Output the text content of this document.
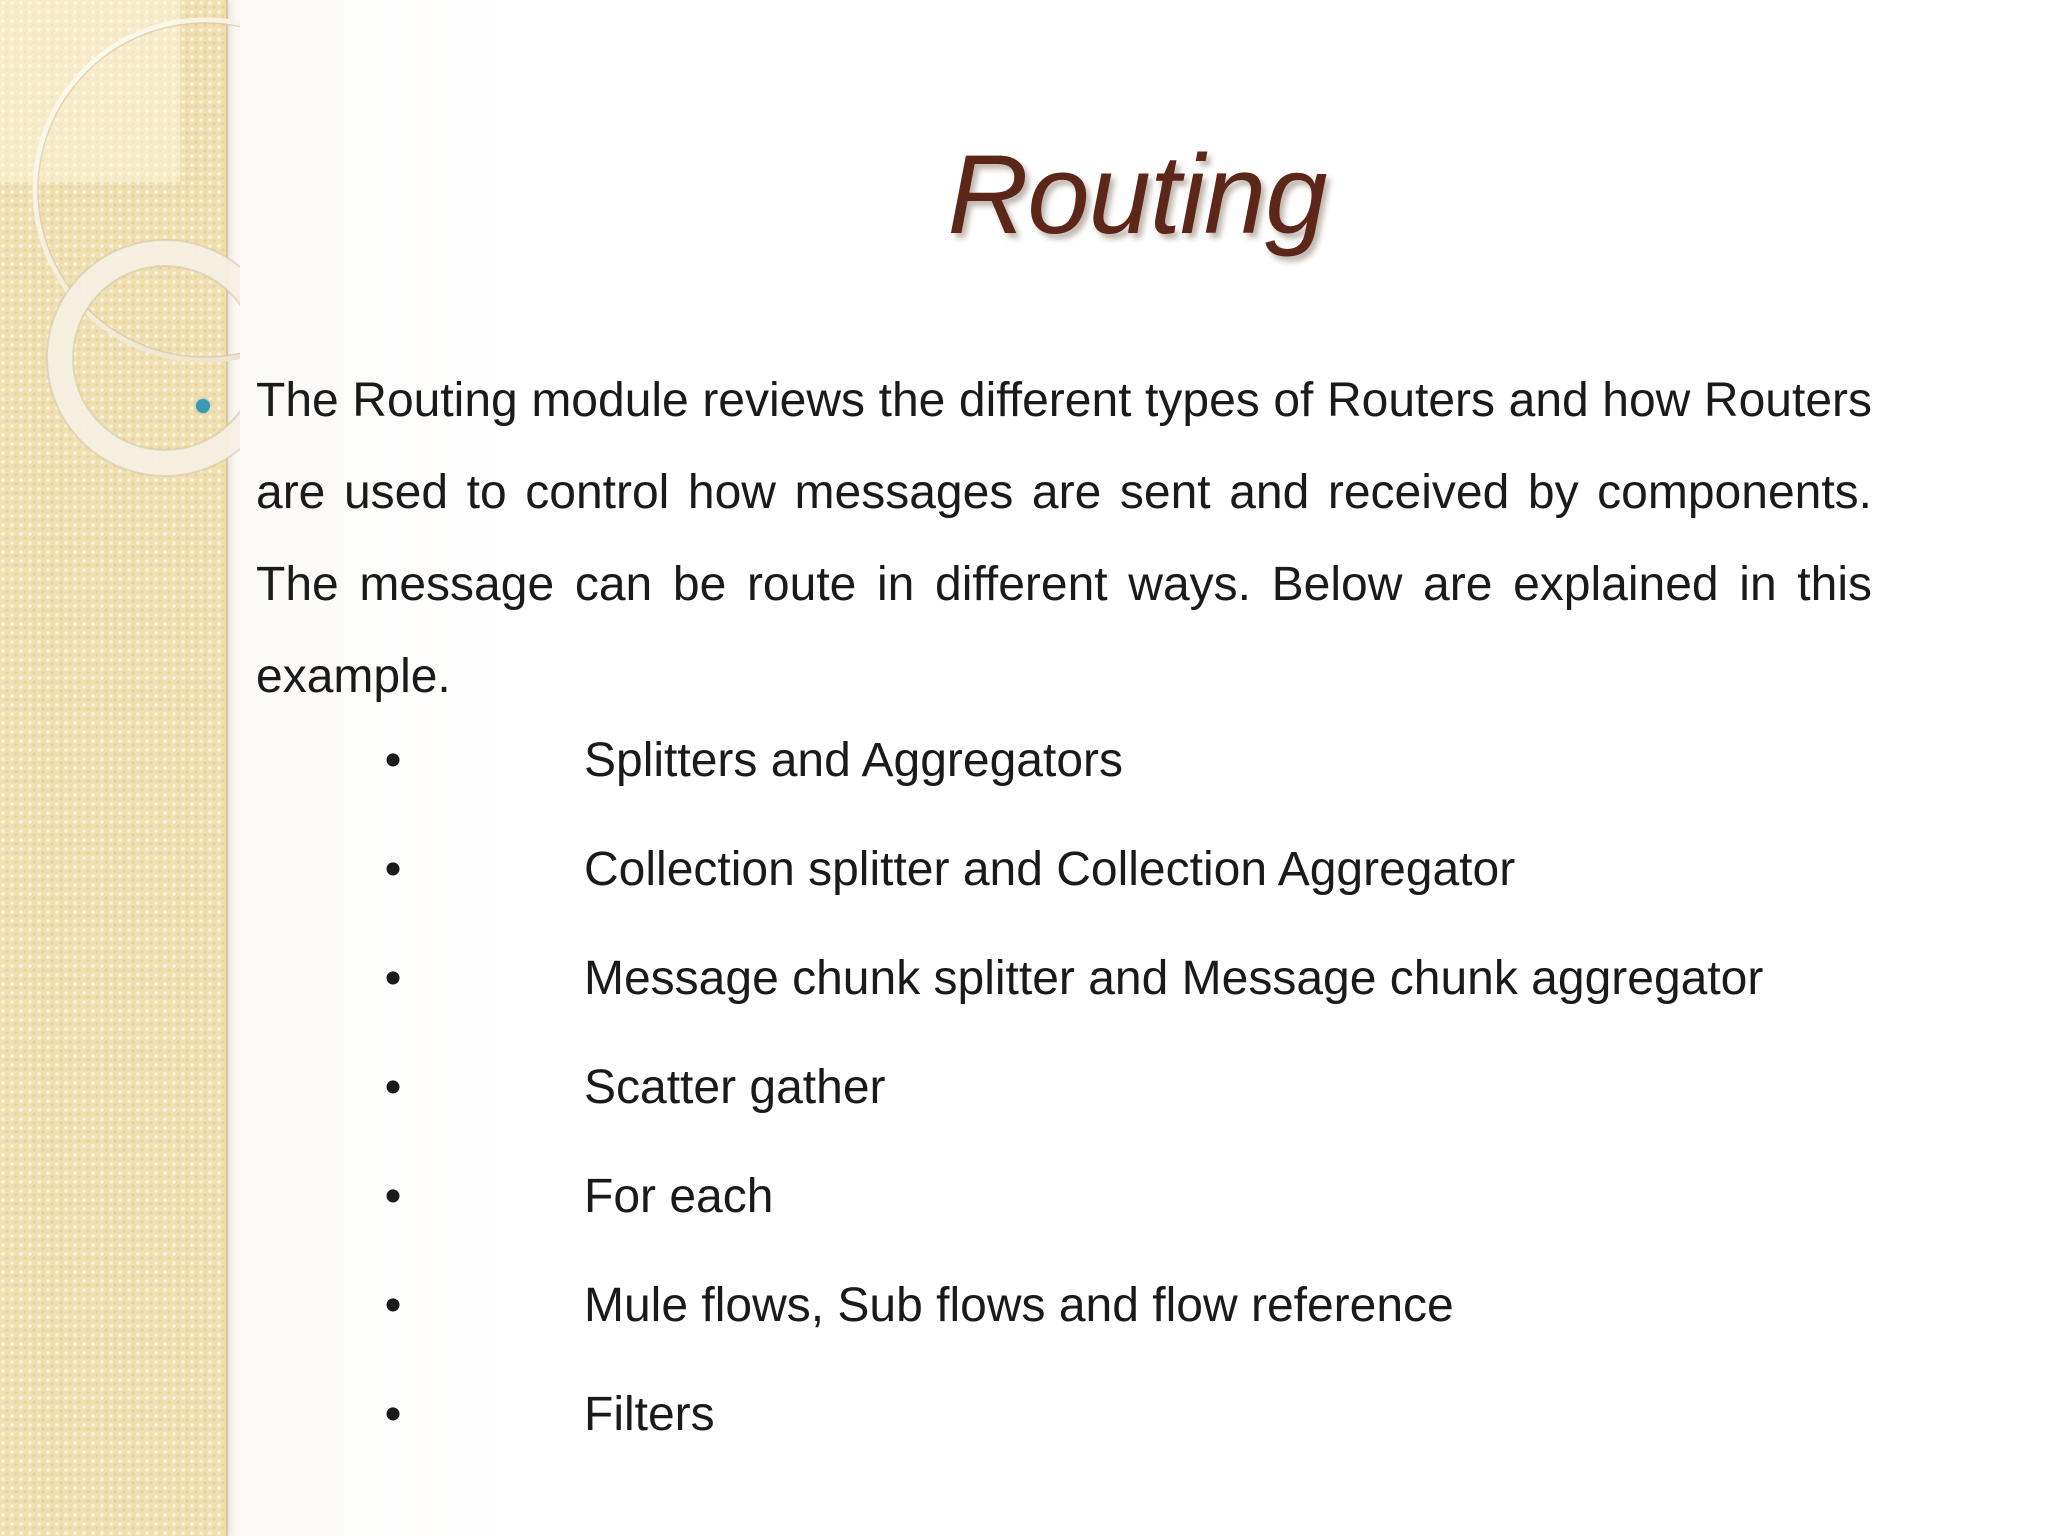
Routing

The Routing module reviews the different types of Routers and how Routers are used to control how messages are sent and received by components. The message can be route in different ways. Below are explained in this example.

•	Splitters and Aggregators
•	Collection splitter and Collection Aggregator
•	Message chunk splitter and Message chunk aggregator
•	Scatter gather
•	For each
•	Mule flows, Sub flows and flow reference
•	Filters
